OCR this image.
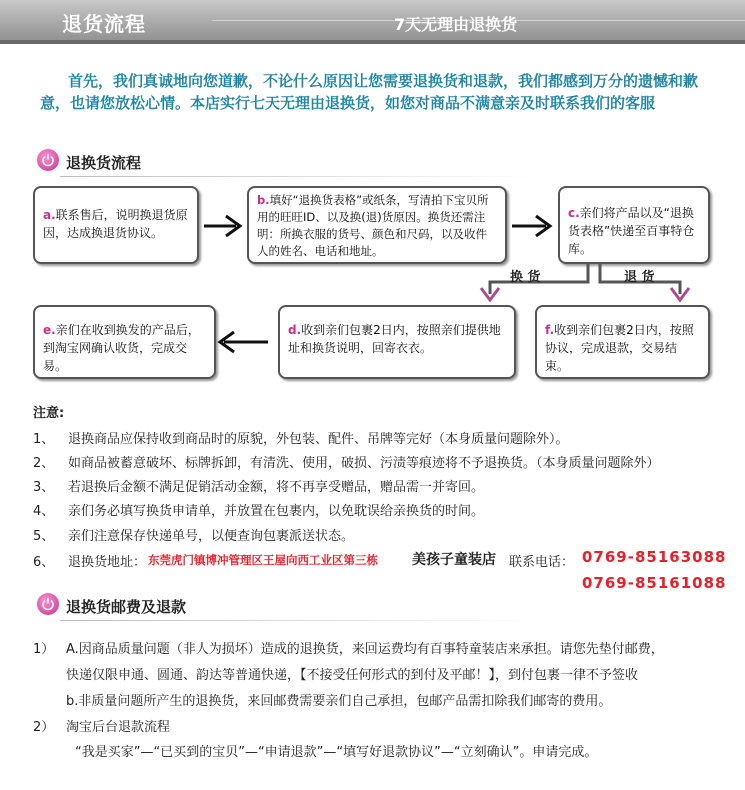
退货流程	7天无理由退换货
首先，我们真诚地向您道歉，不论什么原因让您需要退换货和退款，我们都感到万分的遗憾和歉意，也请您放松心情。本店实行七天无理由退换货，如您对商品不满意亲及时联系我们的客服
退换货流程
a.联系售后，说明换退货原因，达成换退货协议。
b.填好“退换货表格”或纸条，写清拍下宝贝所用的旺旺ID、以及换(退)货原因。换货还需注明：所换衣服的货号、颜色和尺码，以及收件人的姓名、电话和地址。
c.亲们将产品以及“退换货表格”快递至百事特仓库。
e.亲们在收到换发的产品后，到淘宝网确认收货，完成交易。
d.收到亲们包裹2日内，按照亲们提供地址和换货说明，回寄衣衣。
f.收到亲们包裹2日内，按照协议，完成退款，交易结束。
换 货	退 货
注意:
1、 退换商品应保持收到商品时的原貌，外包装、配件、吊牌等完好（本身质量问题除外）。
2、 如商品被蓄意破坏、标牌拆卸，有清洗、使用，破损、污渍等痕迹将不予退换货。（本身质量问题除外）
3、 若退换后金额不满足促销活动金额，将不再享受赠品，赠品需一并寄回。
4、 亲们务必填写换货申请单，并放置在包裹内，以免耽误给亲换货的时间。
5、 亲们注意保存快递单号，以便查询包裹派送状态。
6、 退换货地址： 东莞虎门镇博冲管理区王屋向西工业区第三栋 美孩子童装店 联系电话： 0769-85163088
0769-85161088
退换货邮费及退款
1） A.因商品质量问题（非人为损坏）造成的退换货，来回运费均有百事特童装店来承担。请您先垫付邮费，
快递仅限申通、圆通、韵达等普通快递，【不接受任何形式的到付及平邮！】，到付包裹一律不予签收
b.非质量问题所产生的退换货，来回邮费需要亲们自己承担，包邮产品需扣除我们邮寄的费用。
2） 淘宝后台退款流程
“我是买家”—“已买到的宝贝”—“申请退款”—“填写好退款协议”—“立刻确认”。申请完成。
